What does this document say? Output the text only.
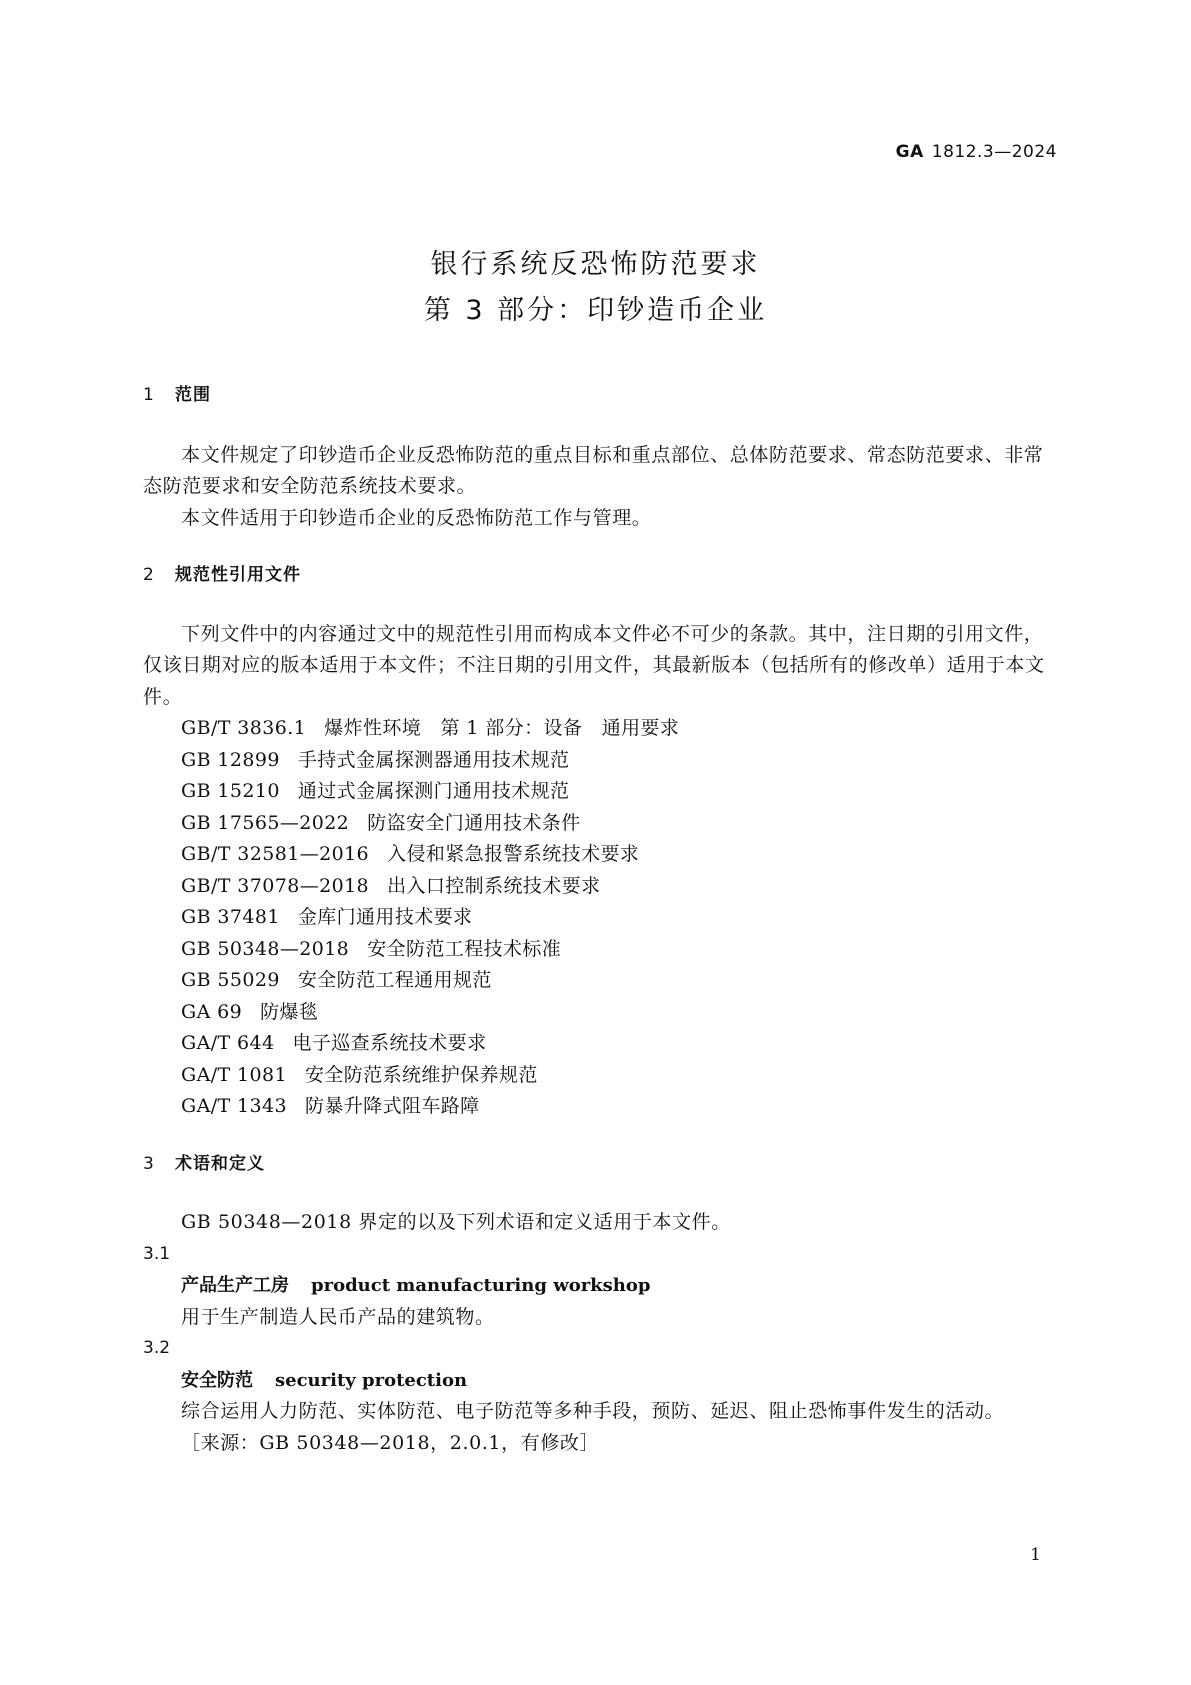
GA 1812.3—2024
银行系统反恐怖防范要求
第 3 部分：印钞造币企业
1 范围

本文件规定了印钞造币企业反恐怖防范的重点目标和重点部位、总体防范要求、常态防范要求、非常态防范要求和安全防范系统技术要求。

本文件适用于印钞造币企业的反恐怖防范工作与管理。

2 规范性引用文件

下列文件中的内容通过文中的规范性引用而构成本文件必不可少的条款。其中，注日期的引用文件，仅该日期对应的版本适用于本文件；不注日期的引用文件，其最新版本（包括所有的修改单）适用于本文件。

GB/T 3836.1 爆炸性环境　第 1 部分：设备　通用要求
GB 12899 手持式金属探测器通用技术规范
GB 15210 通过式金属探测门通用技术规范
GB 17565—2022 防盗安全门通用技术条件
GB/T 32581—2016 入侵和紧急报警系统技术要求
GB/T 37078—2018 出入口控制系统技术要求
GB 37481 金库门通用技术要求
GB 50348—2018 安全防范工程技术标准
GB 55029 安全防范工程通用规范
GA 69 防爆毯
GA/T 644 电子巡查系统技术要求
GA/T 1081 安全防范系统维护保养规范
GA/T 1343 防暴升降式阻车路障
3 术语和定义

GB 50348—2018 界定的以及下列术语和定义适用于本文件。

3.1
产品生产工房 product manufacturing workshop
用于生产制造人民币产品的建筑物。
3.2
安全防范 security protection
综合运用人力防范、实体防范、电子防范等多种手段，预防、延迟、阻止恐怖事件发生的活动。
［来源：GB 50348—2018，2.0.1，有修改］
1
